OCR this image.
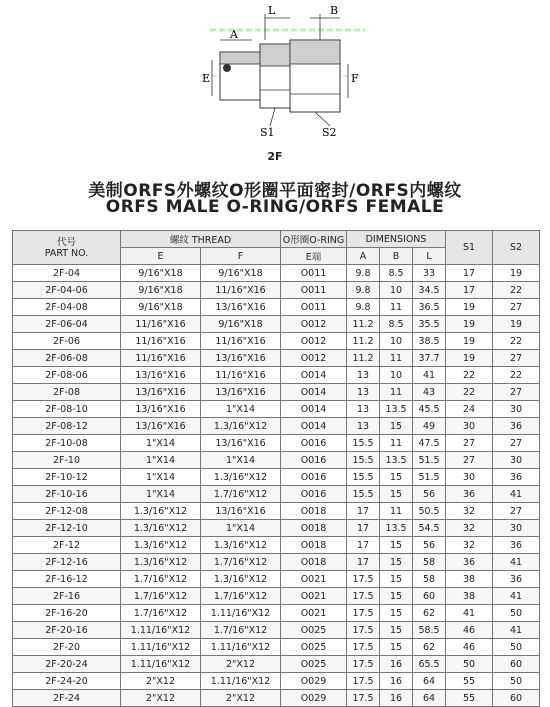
A
L	B
E	F
S1	S2
2F
美制ORFS外螺纹O形圈平面密封/ORFS内螺纹
ORFS MALE O-RING/ORFS FEMALE
代号
PART NO.	螺纹 THREAD		O形圈O-RING	DIMENSIONS			S1	S2
	E	F	E端	A	B	L		
2F-04	9/16"X18	9/16"X18	O011	9.8	8.5	33	17	19
2F-04-06	9/16"X18	11/16"X16	O011	9.8	10	34.5	17	22
2F-04-08	9/16"X18	13/16"X16	O011	9.8	11	36.5	19	27
2F-06-04	11/16"X16	9/16"X18	O012	11.2	8.5	35.5	19	19
2F-06	11/16"X16	11/16"X16	O012	11.2	10	38.5	19	22
2F-06-08	11/16"X16	13/16"X16	O012	11.2	11	37.7	19	27
2F-08-06	13/16"X16	11/16"X16	O014	13	10	41	22	22
2F-08	13/16"X16	13/16"X16	O014	13	11	43	22	27
2F-08-10	13/16"X16	1"X14	O014	13	13.5	45.5	24	30
2F-08-12	13/16"X16	1.3/16"X12	O014	13	15	49	30	36
2F-10-08	1"X14	13/16"X16	O016	15.5	11	47.5	27	27
2F-10	1"X14	1"X14	O016	15.5	13.5	51.5	27	30
2F-10-12	1"X14	1.3/16"X12	O016	15.5	15	51.5	30	36
2F-10-16	1"X14	1.7/16"X12	O016	15.5	15	56	36	41
2F-12-08	1.3/16"X12	13/16"X16	O018	17	11	50.5	32	27
2F-12-10	1.3/16"X12	1"X14	O018	17	13.5	54.5	32	30
2F-12	1.3/16"X12	1.3/16"X12	O018	17	15	56	32	36
2F-12-16	1.3/16"X12	1.7/16"X12	O018	17	15	58	36	41
2F-16-12	1.7/16"X12	1.3/16"X12	O021	17.5	15	58	38	36
2F-16	1.7/16"X12	1.7/16"X12	O021	17.5	15	60	38	41
2F-16-20	1.7/16"X12	1.11/16"X12	O021	17.5	15	62	41	50
2F-20-16	1.11/16"X12	1.7/16"X12	O025	17.5	15	58.5	46	41
2F-20	1.11/16"X12	1.11/16"X12	O025	17.5	15	62	46	50
2F-20-24	1.11/16"X12	2"X12	O025	17.5	16	65.5	50	60
2F-24-20	2"X12	1.11/16"X12	O029	17.5	16	64	55	50
2F-24	2"X12	2"X12	O029	17.5	16	64	55	60
